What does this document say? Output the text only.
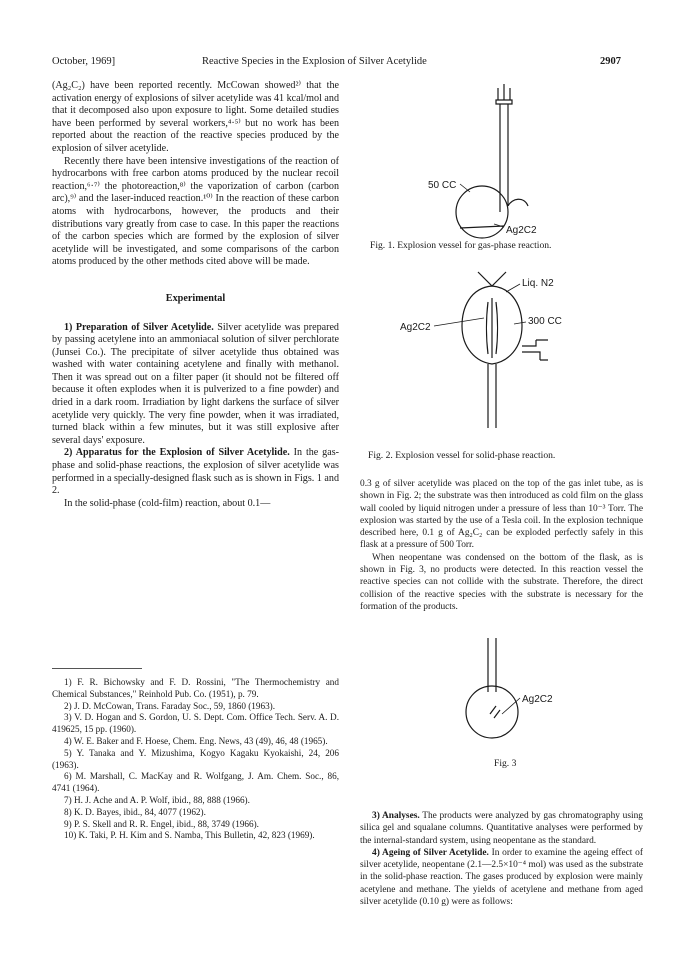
October, 1969]	Reactive Species in the Explosion of Silver Acetylide	2907

(Ag₂C₂) have been reported recently. McCowan showed²⁾ that the activation energy of explosions of silver acetylide was 41 kcal/mol and that it decomposed also upon exposure to light. Some detailed studies have been performed by several workers,⁴·⁵⁾ but no work has been reported about the reaction of the reactive species produced by the explosion of silver acetylide.

Recently there have been intensive investigations of the reaction of hydrocarbons with free carbon atoms produced by the nuclear recoil reaction,⁶·⁷⁾ the photoreaction,⁸⁾ the vaporization of carbon (carbon arc),⁹⁾ and the laser-induced reaction.¹⁰⁾ In the reaction of these carbon atoms with hydrocarbons, however, the products and their distributions vary greatly from case to case. In this paper the reactions of the carbon species which are formed by the explosion of silver acetylide will be investigated, and some comparisons of the carbon atoms produced by the other methods cited above will be made.

Experimental

1) Preparation of Silver Acetylide. Silver acetylide was prepared by passing acetylene into an ammoniacal solution of silver perchlorate (Junsei Co.). The precipitate of silver acetylide thus obtained was washed with water containing acetylene and finally with methanol. Then it was spread out on a filter paper (it should not be filtered off because it often explodes when it is pulverized to a fine powder) and dried in a dark room. Irradiation by light darkens the surface of silver acetylide very quickly. The very fine powder, when it was irradiated, turned black within a few minutes, but it was still explosive after several days' exposure.

2) Apparatus for the Explosion of Silver Acetylide. In the gas-phase and solid-phase reactions, the explosion of silver acetylide was performed in a specially-designed flask such as is shown in Figs. 1 and 2.

In the solid-phase (cold-film) reaction, about 0.1—

1) F. R. Bichowsky and F. D. Rossini, "The Thermochemistry and Chemical Substances," Reinhold Pub. Co. (1951), p. 79.
2) J. D. McCowan, Trans. Faraday Soc., 59, 1860 (1963).
3) V. D. Hogan and S. Gordon, U. S. Dept. Com. Office Tech. Serv. A. D. 419625, 15 pp. (1960).
4) W. E. Baker and F. Hoese, Chem. Eng. News, 43 (49), 46, 48 (1965).
5) Y. Tanaka and Y. Mizushima, Kogyo Kagaku Kyokaishi, 24, 206 (1963).
6) M. Marshall, C. MacKay and R. Wolfgang, J. Am. Chem. Soc., 86, 4741 (1964).
7) H. J. Ache and A. P. Wolf, ibid., 88, 888 (1966).
8) K. D. Bayes, ibid., 84, 4077 (1962).
9) P. S. Skell and R. R. Engel, ibid., 88, 3749 (1966).
10) K. Taki, P. H. Kim and S. Namba, This Bulletin, 42, 823 (1969).
50 CC
Ag2C2
Fig. 1. Explosion vessel for gas-phase reaction.
Liq. N2
300 CC
Ag2C2
Fig. 2. Explosion vessel for solid-phase reaction.

0.3 g of silver acetylide was placed on the top of the gas inlet tube, as is shown in Fig. 2; the substrate was then introduced as cold film on the glass wall cooled by liquid nitrogen under a pressure of less than 10⁻³ Torr. The explosion was started by the use of a Tesla coil. In the explosion technique described here, 0.1 g of Ag₂C₂ can be exploded perfectly safely in this flask at a pressure of 500 Torr.

When neopentane was condensed on the bottom of the flask, as is shown in Fig. 3, no products were detected. In this reaction vessel the reactive species can not collide with the substrate. Therefore, the direct collision of the reactive species with the substrate is necessary for the formation of the products.

Ag2C2
Fig. 3

3) Analyses. The products were analyzed by gas chromatography using silica gel and squalane columns. Quantitative analyses were performed by the internal-standard system, using neopentane as the standard.

4) Ageing of Silver Acetylide. In order to examine the ageing effect of silver acetylide, neopentane (2.1—2.5×10⁻⁴ mol) was used as the substrate in the solid-phase reaction. The gases produced by explosion were mainly acetylene and methane. The yields of acetylene and methane from aged silver acetylide (0.10 g) were as follows:
